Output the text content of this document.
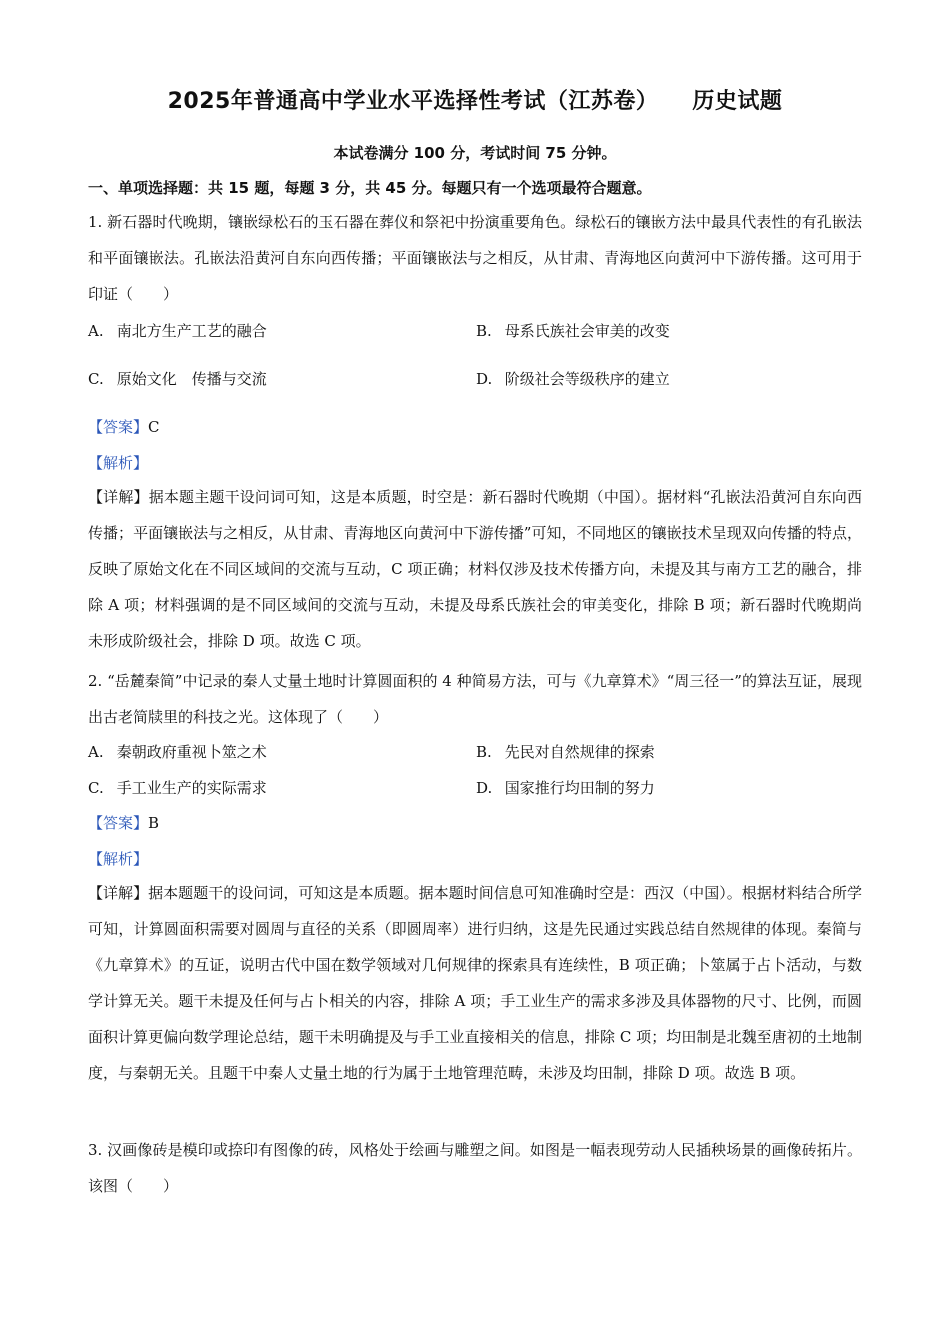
2025年普通高中学业水平选择性考试（江苏卷） 历史试题
本试卷满分 100 分，考试时间 75 分钟。
一、单项选择题：共 15 题，每题 3 分，共 45 分。每题只有一个选项最符合题意。
1. 新石器时代晚期，镶嵌绿松石的玉石器在葬仪和祭祀中扮演重要角色。绿松石的镶嵌方法中最具代表性的有孔嵌法和平面镶嵌法。孔嵌法沿黄河自东向西传播；平面镶嵌法与之相反，从甘肃、青海地区向黄河中下游传播。这可用于印证（　　）
A. 南北方生产工艺的融合	B. 母系氏族社会审美的改变
C. 原始文化　传播与交流	D. 阶级社会等级秩序的建立
【答案】C
【解析】
【详解】据本题主题干设问词可知，这是本质题，时空是：新石器时代晚期（中国）。据材料“孔嵌法沿黄河自东向西传播；平面镶嵌法与之相反，从甘肃、青海地区向黄河中下游传播”可知，不同地区的镶嵌技术呈现双向传播的特点，反映了原始文化在不同区域间的交流与互动，C 项正确；材料仅涉及技术传播方向，未提及其与南方工艺的融合，排除 A 项；材料强调的是不同区域间的交流与互动，未提及母系氏族社会的审美变化，排除 B 项；新石器时代晚期尚未形成阶级社会，排除 D 项。故选 C 项。
2. “岳麓秦简”中记录的秦人丈量土地时计算圆面积的 4 种简易方法，可与《九章算术》“周三径一”的算法互证，展现出古老简牍里的科技之光。这体现了（　　）
A. 秦朝政府重视卜筮之术	B. 先民对自然规律的探索
C. 手工业生产的实际需求	D. 国家推行均田制的努力
【答案】B
【解析】
【详解】据本题题干的设问词，可知这是本质题。据本题时间信息可知准确时空是：西汉（中国）。根据材料结合所学可知，计算圆面积需要对圆周与直径的关系（即圆周率）进行归纳，这是先民通过实践总结自然规律的体现。秦简与《九章算术》的互证，说明古代中国在数学领域对几何规律的探索具有连续性，B 项正确；卜筮属于占卜活动，与数学计算无关。题干未提及任何与占卜相关的内容，排除 A 项；手工业生产的需求多涉及具体器物的尺寸、比例，而圆面积计算更偏向数学理论总结，题干未明确提及与手工业直接相关的信息，排除 C 项；均田制是北魏至唐初的土地制度，与秦朝无关。且题干中秦人丈量土地的行为属于土地管理范畴，未涉及均田制，排除 D 项。故选 B 项。
3. 汉画像砖是模印或捺印有图像的砖，风格处于绘画与雕塑之间。如图是一幅表现劳动人民插秧场景的画像砖拓片。该图（　　）
